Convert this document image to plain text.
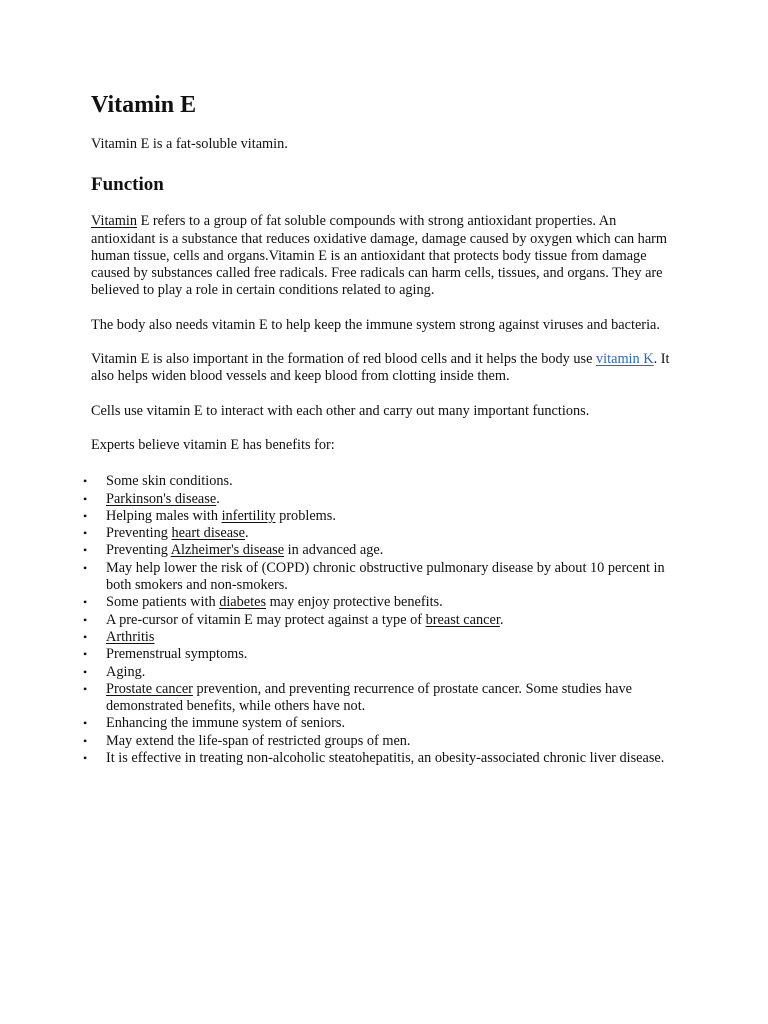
Vitamin E

Vitamin E is a fat-soluble vitamin.

Function

Vitamin E refers to a group of fat soluble compounds with strong antioxidant properties. An antioxidant is a substance that reduces oxidative damage, damage caused by oxygen which can harm human tissue, cells and organs.Vitamin E is an antioxidant that protects body tissue from damage caused by substances called free radicals. Free radicals can harm cells, tissues, and organs. They are believed to play a role in certain conditions related to aging.

The body also needs vitamin E to help keep the immune system strong against viruses and bacteria.

Vitamin E is also important in the formation of red blood cells and it helps the body use vitamin K. It also helps widen blood vessels and keep blood from clotting inside them.

Cells use vitamin E to interact with each other and carry out many important functions.

Experts believe vitamin E has benefits for:

• Some skin conditions.
• Parkinson's disease.
• Helping males with infertility problems.
• Preventing heart disease.
• Preventing Alzheimer's disease in advanced age.
• May help lower the risk of (COPD) chronic obstructive pulmonary disease by about 10 percent in both smokers and non-smokers.
• Some patients with diabetes may enjoy protective benefits.
• A pre-cursor of vitamin E may protect against a type of breast cancer.
• Arthritis
• Premenstrual symptoms.
• Aging.
• Prostate cancer prevention, and preventing recurrence of prostate cancer. Some studies have demonstrated benefits, while others have not.
• Enhancing the immune system of seniors.
• May extend the life-span of restricted groups of men.
• It is effective in treating non-alcoholic steatohepatitis, an obesity-associated chronic liver disease.
